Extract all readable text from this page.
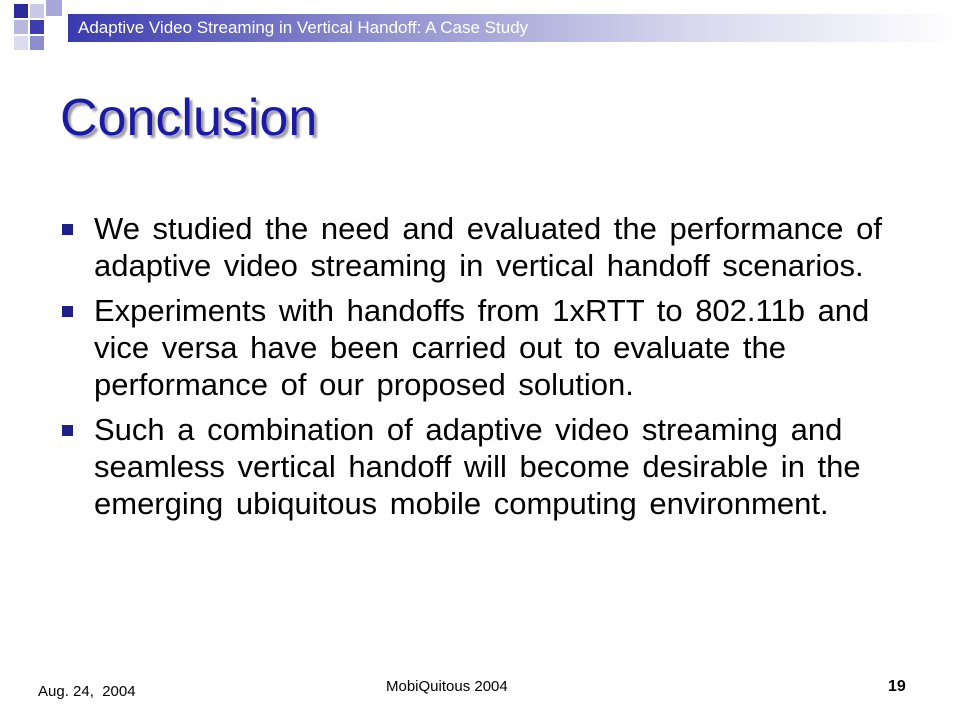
Adaptive Video Streaming in Vertical Handoff: A Case Study
Conclusion
We studied the need and evaluated the performance of adaptive video streaming in vertical handoff scenarios.
Experiments with handoffs from 1xRTT to 802.11b and vice versa have been carried out to evaluate the performance of our proposed solution.
Such a combination of adaptive video streaming and seamless vertical handoff will become desirable in the emerging ubiquitous mobile computing environment.
Aug. 24,  2004	MobiQuitous 2004	19
